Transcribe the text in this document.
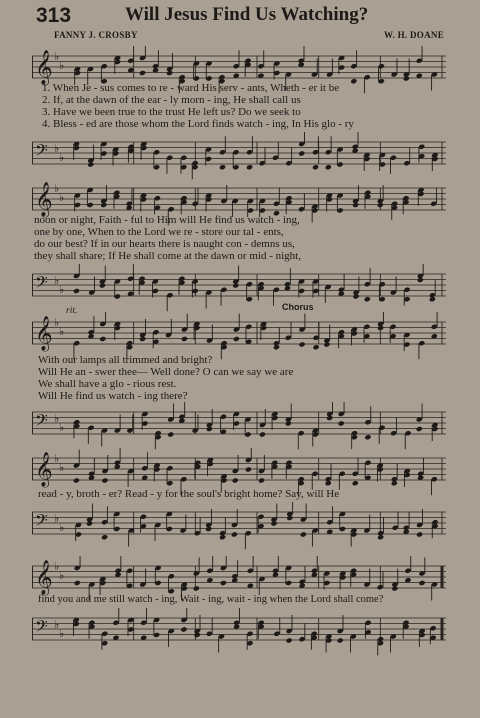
313	Will Jesus Find Us Watching?
FANNY J. CROSBY	W. H. DOANE
𝄞 ♭
♭
1. When Je - sus comes to re - ward His serv - ants, Wheth - er it be
2. If, at the dawn of the ear - ly morn - ing, He shall call us
3. Have we been true to the trust He left us? Do we seek to
4. Bless - ed are those whom the Lord finds watch - ing, In His glo - ry
𝄢 ♭
♭
𝄞 ♭
♭
noon or night, Faith - ful to Him will He find us watch - ing,
one by one, When to the Lord we re - store our tal - ents,
do our best? If in our hearts there is naught con - demns us,
they shall share; If He shall come at the dawn or mid - night,
𝄢 ♭
♭
rit.	Chorus
𝄞 ♭
♭
With our lamps all trimmed and bright?
Will He an - swer thee— Well done? O can we say we are
We shall have a glo - rious rest.
Will He find us watch - ing there?
𝄢 ♭
♭
𝄞 ♭
♭
read - y, broth - er? Read - y for the soul's bright home? Say, will He
𝄢 ♭
♭
𝄞 ♭
♭
find you and me still watch - ing, Wait - ing, wait - ing when the Lord shall come?
𝄢 ♭
♭
